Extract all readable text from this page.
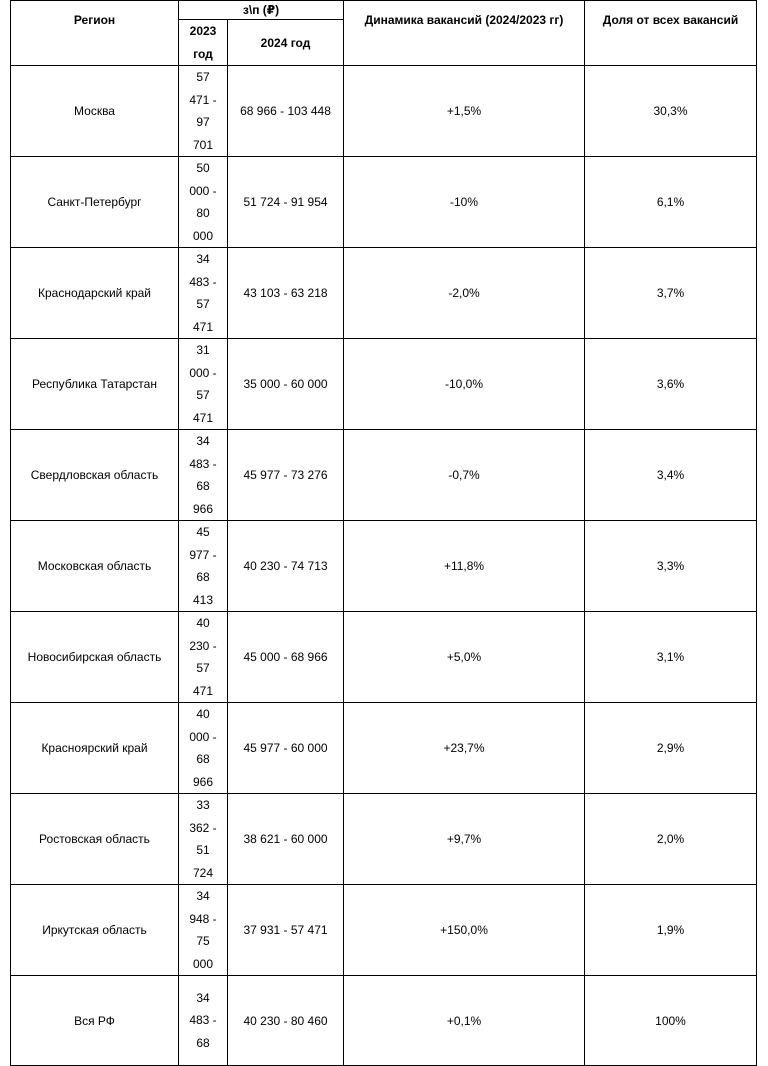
Регион	з\п (₽)		Динамика вакансий (2024/2023 гг)	Доля от всех вакансий

	2023
год	2024 год		
Москва	57
471 -
97
701	68 966 - 103 448	+1,5%	30,3%
Санкт-Петербург	50
000 -
80
000	51 724 - 91 954	-10%	6,1%
Краснодарский край	34
483 -
57
471	43 103 - 63 218	-2,0%	3,7%
Республика Татарстан	31
000 -
57
471	35 000 - 60 000	-10,0%	3,6%
Свердловская область	34
483 -
68
966	45 977 - 73 276	-0,7%	3,4%
Московская область	45
977 -
68
413	40 230 - 74 713	+11,8%	3,3%
Новосибирская область	40
230 -
57
471	45 000 - 68 966	+5,0%	3,1%
Красноярский край	40
000 -
68
966	45 977 - 60 000	+23,7%	2,9%
Ростовская область	33
362 -
51
724	38 621 - 60 000	+9,7%	2,0%
Иркутская область	34
948 -
75
000	37 931 - 57 471	+150,0%	1,9%
Вся РФ	34
483 -
68	40 230 - 80 460	+0,1%	100%
